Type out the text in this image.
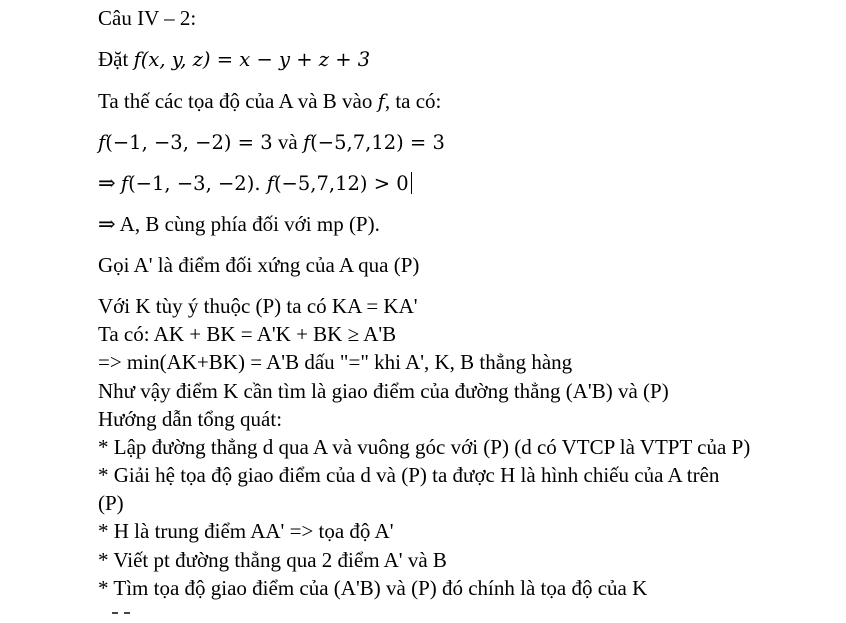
Câu IV – 2:
Đặt f(x, y, z) = x − y + z + 3
Ta thế các tọa độ của A và B vào f, ta có:
f(−1, −3, −2) = 3 và f(−5,7,12) = 3
⇒ f(−1, −3, −2). f(−5,7,12) > 0
⇒ A, B cùng phía đối với mp (P).
Gọi A' là điểm đối xứng của A qua (P)
Với K tùy ý thuộc (P) ta có KA = KA'
Ta có: AK + BK = A'K + BK ≥ A'B
=> min(AK+BK) = A'B dấu "=" khi A', K, B thẳng hàng
Như vậy điểm K cần tìm là giao điểm của đường thẳng (A'B) và (P)
Hướng dẫn tổng quát:
* Lập đường thẳng d qua A và vuông góc với (P) (d có VTCP là VTPT của P)
* Giải hệ tọa độ giao điểm của d và (P) ta được H là hình chiếu của A trên
(P)
* H là trung điểm AA' => tọa độ A'
* Viết pt đường thẳng qua 2 điểm A' và B
* Tìm tọa độ giao điểm của (A'B) và (P) đó chính là tọa độ của K
